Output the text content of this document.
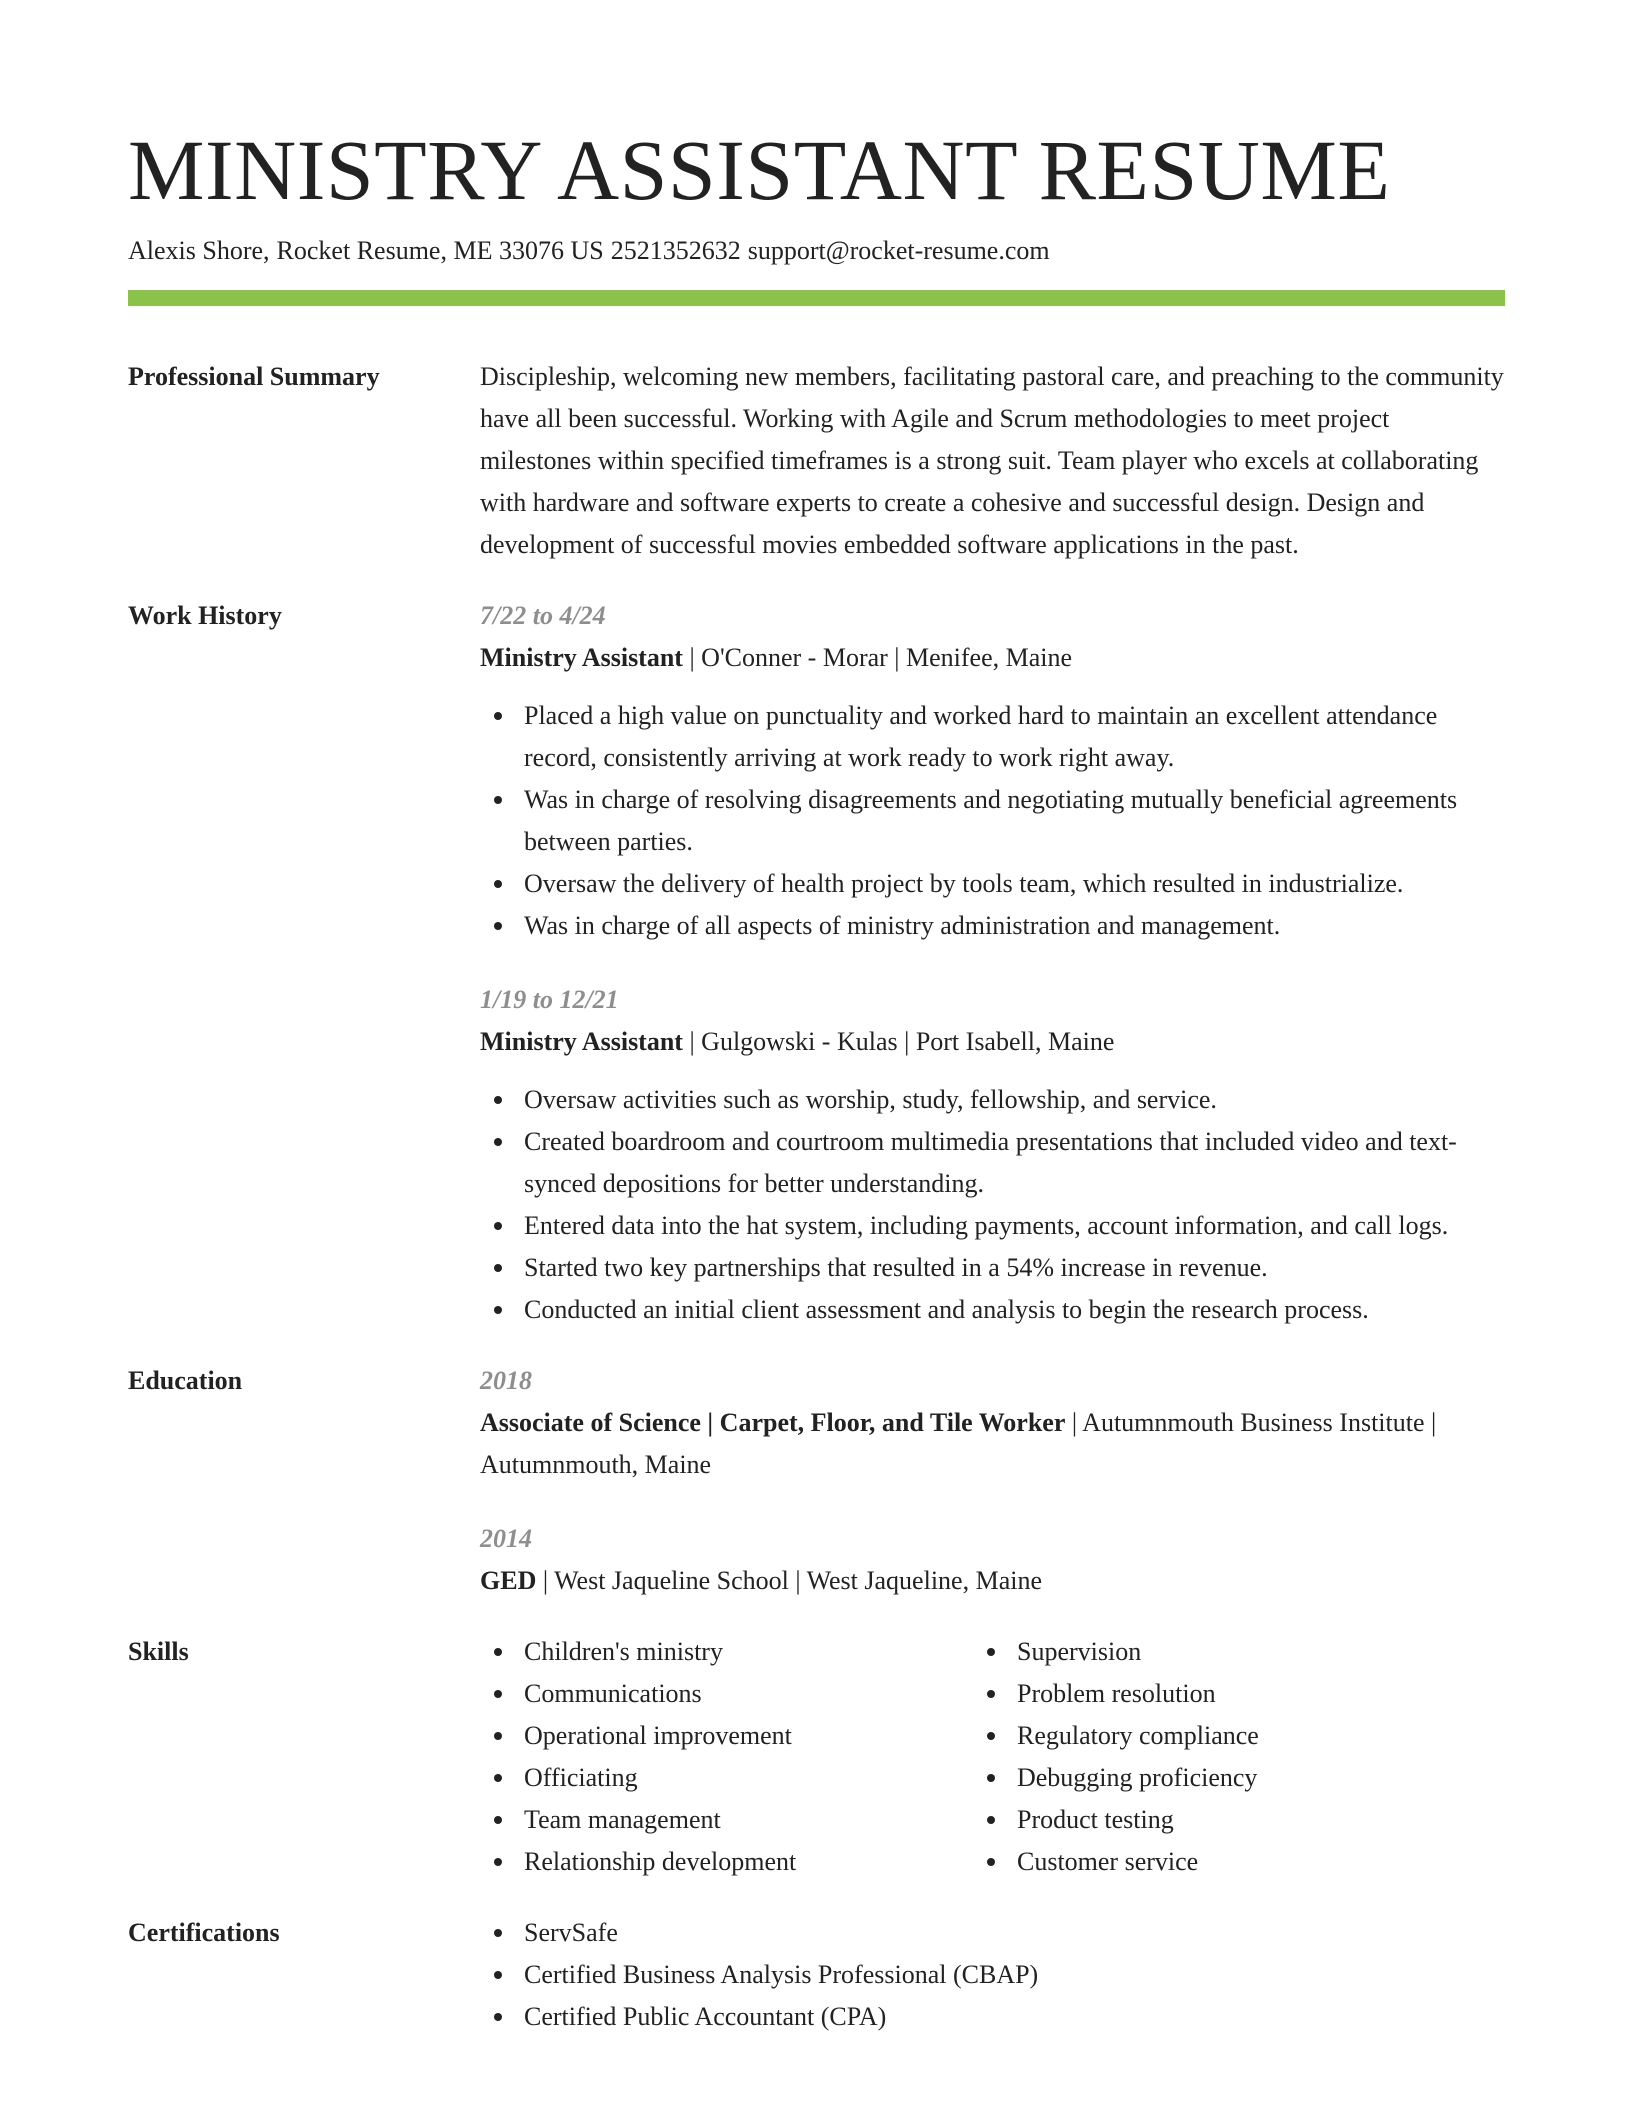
MINISTRY ASSISTANT RESUME
Alexis Shore, Rocket Resume, ME 33076 US 2521352632 support@rocket-resume.com
Professional Summary	Discipleship, welcoming new members, facilitating pastoral care, and preaching to the community have all been successful. Working with Agile and Scrum methodologies to meet project milestones within specified timeframes is a strong suit. Team player who excels at collaborating with hardware and software experts to create a cohesive and successful design. Design and development of successful movies embedded software applications in the past.

Work History	7/22 to 4/24
Ministry Assistant | O'Conner - Morar | Menifee, Maine
Placed a high value on punctuality and worked hard to maintain an excellent attendance record, consistently arriving at work ready to work right away.
Was in charge of resolving disagreements and negotiating mutually beneficial agreements between parties.
Oversaw the delivery of health project by tools team, which resulted in industrialize.
Was in charge of all aspects of ministry administration and management.
1/19 to 12/21
Ministry Assistant | Gulgowski - Kulas | Port Isabell, Maine
Oversaw activities such as worship, study, fellowship, and service.
Created boardroom and courtroom multimedia presentations that included video and text-synced depositions for better understanding.
Entered data into the hat system, including payments, account information, and call logs.
Started two key partnerships that resulted in a 54% increase in revenue.
Conducted an initial client assessment and analysis to begin the research process.
Education	2018
Associate of Science | Carpet, Floor, and Tile Worker | Autumnmouth Business Institute | Autumnmouth, Maine
2014
GED | West Jaqueline School | West Jaqueline, Maine
Skills	Children's ministry
Communications
Operational improvement
Officiating
Team management
Relationship development
Supervision
Problem resolution
Regulatory compliance
Debugging proficiency
Product testing
Customer service
Certifications	ServSafe
Certified Business Analysis Professional (CBAP)
Certified Public Accountant (CPA)
